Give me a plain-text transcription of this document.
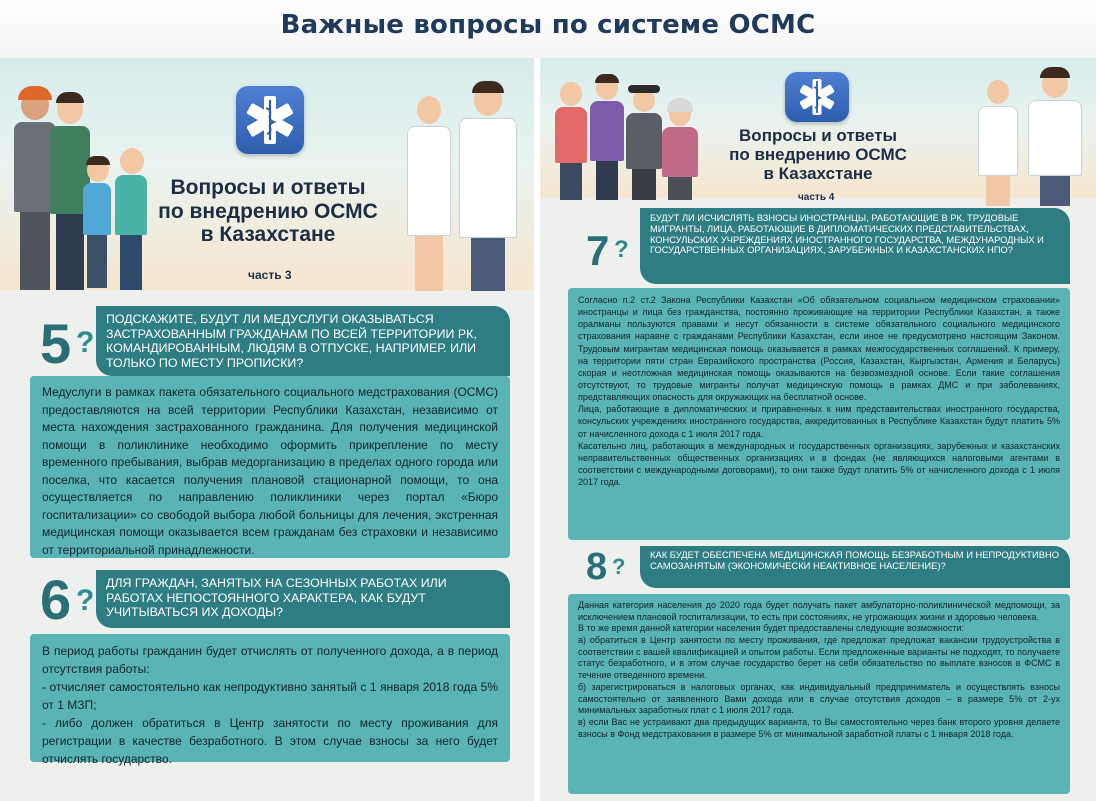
Важные вопросы по системе ОСМС
Вопросы и ответы
по внедрению ОСМС
в Казахстане
часть 3
5 ?
ПОДСКАЖИТЕ, БУДУТ ЛИ МЕДУСЛУГИ ОКАЗЫВАТЬСЯ ЗАСТРАХОВАННЫМ ГРАЖДАНАМ ПО ВСЕЙ ТЕРРИТОРИИ РК, КОМАНДИРОВАННЫМ, ЛЮДЯМ В ОТПУСКЕ, НАПРИМЕР. ИЛИ ТОЛЬКО ПО МЕСТУ ПРОПИСКИ?

Медуслуги в рамках пакета обязательного социального медстрахования (ОСМС) предоставляются на всей территории Республики Казахстан, независимо от места нахождения застрахованного гражданина. Для получения медицинской помощи в поликлинике необходимо оформить прикрепление по месту временного пребывания, выбрав медорганизацию в пределах одного города или поселка, что касается получения плановой стационарной помощи, то она осуществляется по направлению поликлиники через портал «Бюро госпитализации» со свободой выбора любой больницы для лечения, экстренная медицинская помощи оказывается всем гражданам без страховки и независимо от территориальной принадлежности.

6 ?
ДЛЯ ГРАЖДАН, ЗАНЯТЫХ НА СЕЗОННЫХ РАБОТАХ ИЛИ РАБОТАХ НЕПОСТОЯННОГО ХАРАКТЕРА, КАК БУДУТ УЧИТЫВАТЬСЯ ИХ ДОХОДЫ?

В период работы гражданин будет отчислять от полученного дохода, а в период отсутствия работы:

- отчисляет самостоятельно как непродуктивно занятый с 1 января 2018 года 5% от 1 МЗП;

- либо должен обратиться в Центр занятости по месту проживания для регистрации в качестве безработного. В этом случае взносы за него будет отчислять государство.

Вопросы и ответы
по внедрению ОСМС
в Казахстане
часть 4
7 ?
БУДУТ ЛИ ИСЧИСЛЯТЬ ВЗНОСЫ ИНОСТРАНЦЫ, РАБОТАЮЩИЕ В РК, ТРУДОВЫЕ МИГРАНТЫ, ЛИЦА, РАБОТАЮЩИЕ В ДИПЛОМАТИЧЕСКИХ ПРЕДСТАВИТЕЛЬСТВАХ, КОНСУЛЬСКИХ УЧРЕЖДЕНИЯХ ИНОСТРАННОГО ГОСУДАРСТВА, МЕЖДУНАРОДНЫХ И ГОСУДАРСТВЕННЫХ ОРГАНИЗАЦИЯХ, ЗАРУБЕЖНЫХ И КАЗАХСТАНСКИХ НПО?

Согласно п.2 ст.2 Закона Республики Казахстан «Об обязательном социальном медицинском страховании» иностранцы и лица без гражданства, постоянно проживающие на территории Республики Казахстан, а также оралманы пользуются правами и несут обязанности в системе обязательного социального медицинского страхования наравне с гражданами Республики Казахстан, если иное не предусмотрено настоящим Законом. Трудовым мигрантам медицинская помощь оказывается в рамках межгосударственных соглашений. К примеру, на территории пяти стран Евразийского пространства (Россия, Казахстан, Кыргызстан, Армения и Беларусь) скорая и неотложная медицинская помощь оказываются на безвозмездной основе. Если такие соглашения отсутствуют, то трудовые мигранты получат медицинскую помощь в рамках ДМС и при заболеваниях, представляющих опасность для окружающих на бесплатной основе.

Лица, работающие в дипломатических и приравненных к ним представительствах иностранного государства, консульских учреждениях иностранного государства, аккредитованных в Республике Казахстан будут платить 5% от начисленного дохода с 1 июля 2017 года.

Касательно лиц, работающих в международных и государственных организациях, зарубежных и казахстанских неправительственных общественных организациях и в фондах (не являющихся налоговыми агентами в соответствии с международными договорами), то они также будут платить 5% от начисленного дохода с 1 июля 2017 года.

8 ?	КАК БУДЕТ ОБЕСПЕЧЕНА МЕДИЦИНСКАЯ ПОМОЩЬ БЕЗРАБОТНЫМ И НЕПРОДУКТИВНО САМОЗАНЯТЫМ (ЭКОНОМИЧЕСКИ НЕАКТИВНОЕ НАСЕЛЕНИЕ)?

Данная категория населения до 2020 года будет получать пакет амбулаторно-поликлинической медпомощи, за исключением плановой госпитализации, то есть при состояниях, не угрожающих жизни и здоровью человека.

В то же время данной категории населения будет предоставлены следующие возможности:

а) обратиться в Центр занятости по месту проживания, где предложат предложат вакансии трудоустройства в соответствии с вашей квалификацией и опытом работы. Если предложенные варианты не подходят, то получаете статус безработного, и в этом случае государство берет на себя обязательство по выплате взносов в ФСМС в течение отведенного времени.

б) зарегистрироваться в налоговых органах, как индивидуальный предприниматель и осуществлять взносы самостоятельно от заявленного Вами дохода или в случае отсутствия доходов – в размере 5% от 2-ух минимальных заработных плат с 1 июля 2017 года.

в) если Вас не устраивают два предыдущих варианта, то Вы самостоятельно через банк второго уровня делаете взносы в Фонд медстрахования в размере 5% от минимальной заработной платы с 1 января 2018 года.
